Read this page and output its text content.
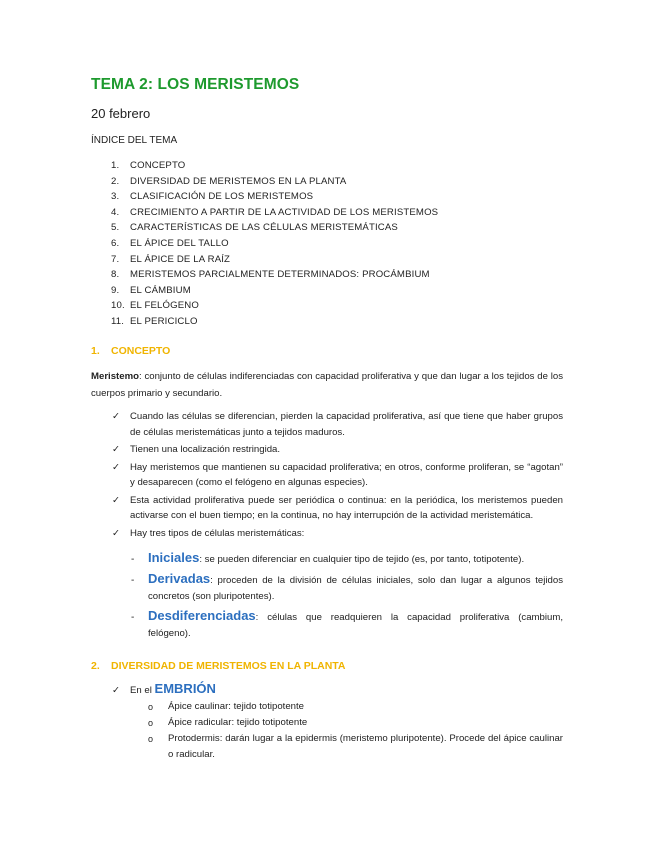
TEMA 2: LOS MERISTEMOS
20 febrero
ÍNDICE DEL TEMA
1. CONCEPTO
2. DIVERSIDAD DE MERISTEMOS EN LA PLANTA
3. CLASIFICACIÓN DE LOS MERISTEMOS
4. CRECIMIENTO A PARTIR DE LA ACTIVIDAD DE LOS MERISTEMOS
5. CARACTERÍSTICAS DE LAS CÉLULAS MERISTEMÁTICAS
6. EL ÁPICE DEL TALLO
7. EL ÁPICE DE LA RAÍZ
8. MERISTEMOS PARCIALMENTE DETERMINADOS: PROCÁMBIUM
9. EL CÁMBIUM
10. EL FELÓGENO
11. EL PERICICLO
1. CONCEPTO
Meristemo: conjunto de células indiferenciadas con capacidad proliferativa y que dan lugar a los tejidos de los cuerpos primario y secundario.
✓ Cuando las células se diferencian, pierden la capacidad proliferativa, así que tiene que haber grupos de células meristemáticas junto a tejidos maduros.
✓ Tienen una localización restringida.
✓ Hay meristemos que mantienen su capacidad proliferativa; en otros, conforme proliferan, se “agotan” y desaparecen (como el felógeno en algunas especies).
✓ Esta actividad proliferativa puede ser periódica o continua: en la periódica, los meristemos pueden activarse con el buen tiempo; en la continua, no hay interrupción de la actividad meristemática.
✓ Hay tres tipos de células meristemáticas:
- Iniciales: se pueden diferenciar en cualquier tipo de tejido (es, por tanto, totipotente).
- Derivadas: proceden de la división de células iniciales, solo dan lugar a algunos tejidos concretos (son pluripotentes).
- Desdiferenciadas: células que readquieren la capacidad proliferativa (cambium, felógeno).
2. DIVERSIDAD DE MERISTEMOS EN LA PLANTA
✓ En el EMBRIÓN
o Ápice caulinar: tejido totipotente
o Ápice radicular: tejido totipotente
o Protodermis: darán lugar a la epidermis (meristemo pluripotente). Procede del ápice caulinar o radicular.
